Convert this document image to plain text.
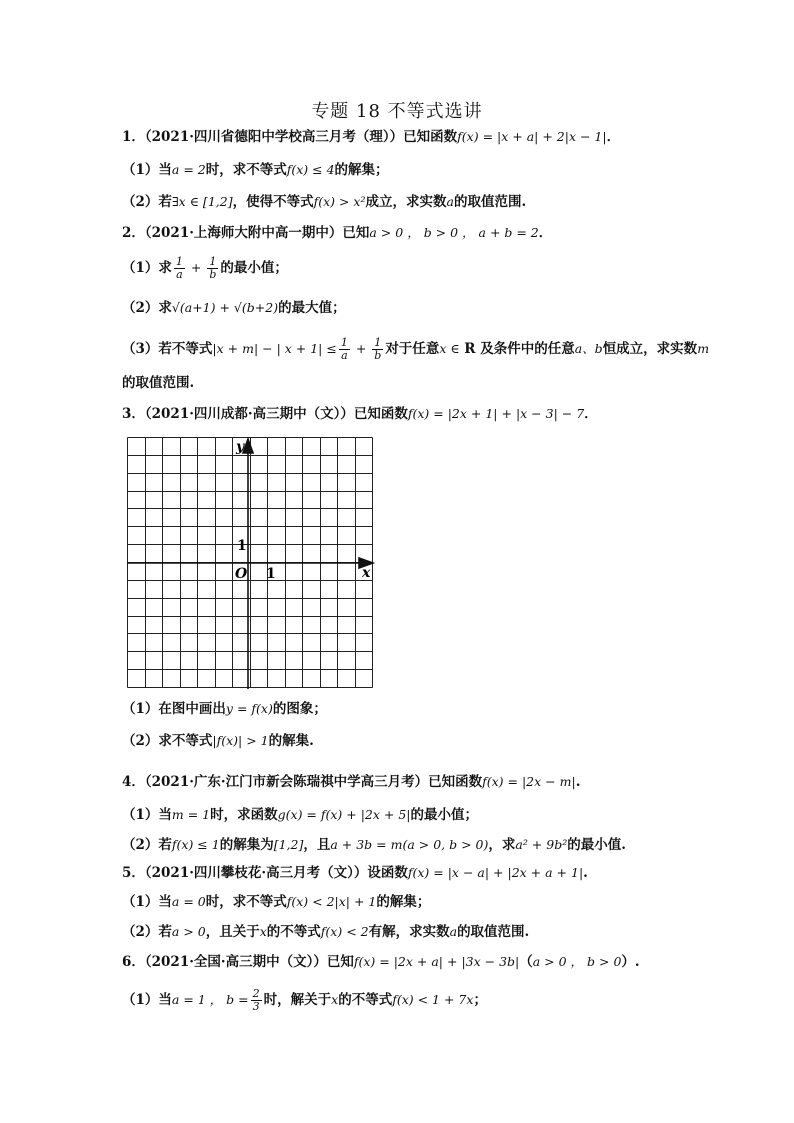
专题 18 不等式选讲
1．（2021·四川省德阳中学校高三月考（理））已知函数f(x) = |x + a| + 2|x − 1|．
（1）当a = 2时，求不等式f(x) ≤ 4的解集；
（2）若∃x ∈ [1,2]，使得不等式f(x) > x²成立，求实数a的取值范围.
2．（2021·上海师大附中高一期中）已知a > 0 ， b > 0 ， a + b = 2．
（1）求 $\frac{1}{a} + \frac{1}{b}$ 的最小值；
（2）求√(a+1) + √(b+2)的最大值；
（3）若不等式|x + m| − | $x + 1| \le \frac{1}{a} + \frac{1}{b}$ 对于任意x ∈ R 及条件中的任意a、b恒成立，求实数m
的取值范围.
3．（2021·四川成都·高三期中（文））已知函数f(x) = |2x + 1| + |x − 3| − 7．
y
x
O 1
1
（1）在图中画出y = f(x)的图象；
（2）求不等式|f(x)| > 1的解集.
4．（2021·广东·江门市新会陈瑞祺中学高三月考）已知函数f(x) = |2x − m|.
（1）当m = 1时，求函数g(x) = f(x) + |2x + 5|的最小值；
（2）若f(x) ≤ 1的解集为[1,2]，且a + 3b = m(a > 0, b > 0)，求a² + 9b²的最小值.
5．（2021·四川攀枝花·高三月考（文））设函数f(x) = |x − a| + |2x + a + 1|.
（1）当a = 0时，求不等式f(x) < 2|x| + 1的解集；
（2）若a > 0，且关于x的不等式f(x) < 2有解，求实数a的取值范围.
6．（2021·全国·高三期中（文））已知f(x) = |2x + a| + |3x − 3b|（a > 0 ， b > 0）.
（1）当a = 1 ， $b = \frac{2}{3}$ 时，解关于x的不等式f(x) < 1 + 7x；
